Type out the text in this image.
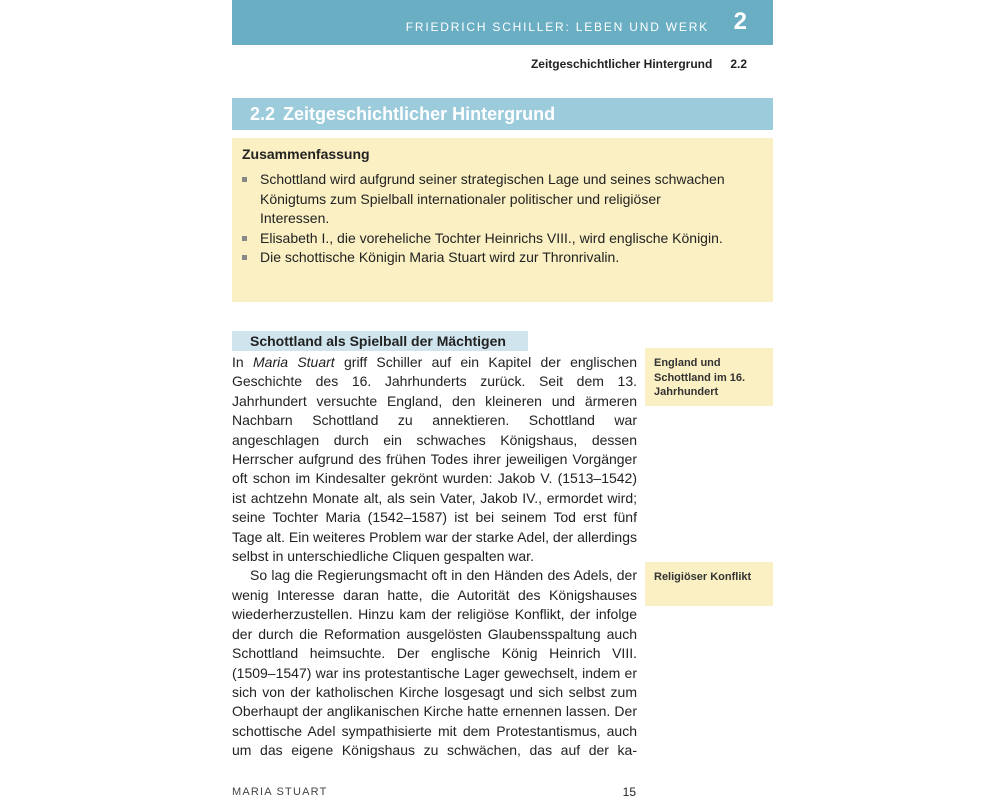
FRIEDRICH SCHILLER: LEBEN UND WERK 2
Zeitgeschichtlicher Hintergrund 2.2
2.2 Zeitgeschichtlicher Hintergrund
Zusammenfassung
Schottland wird aufgrund seiner strategischen Lage und seines schwachen Königtums zum Spielball internationaler politischer und religiöser Interessen.
Elisabeth I., die voreheliche Tochter Heinrichs VIII., wird englische Königin.
Die schottische Königin Maria Stuart wird zur Thronrivalin.
Schottland als Spielball der Mächtigen

In Maria Stuart griff Schiller auf ein Kapitel der englischen Geschichte des 16. Jahrhunderts zurück. Seit dem 13. Jahrhundert versuchte England, den kleineren und ärmeren Nachbarn Schottland zu annektieren. Schottland war angeschlagen durch ein schwaches Königshaus, dessen Herrscher aufgrund des frühen Todes ihrer jeweiligen Vorgänger oft schon im Kindesalter gekrönt wurden: Jakob V. (1513–1542) ist achtzehn Monate alt, als sein Vater, Jakob IV., ermordet wird; seine Tochter Maria (1542–1587) ist bei seinem Tod erst fünf Tage alt. Ein weiteres Problem war der starke Adel, der allerdings selbst in unterschiedliche Cliquen gespalten war.

So lag die Regierungsmacht oft in den Händen des Adels, der wenig Interesse daran hatte, die Autorität des Königshauses wiederherzustellen. Hinzu kam der religiöse Konflikt, der infolge der durch die Reformation ausgelösten Glaubensspaltung auch Schottland heimsuchte. Der englische König Heinrich VIII. (1509–1547) war ins protestantische Lager gewechselt, indem er sich von der katholischen Kirche losgesagt und sich selbst zum Oberhaupt der anglikanischen Kirche hatte ernennen lassen. Der schottische Adel sympathisierte mit dem Protestantismus, auch um das eigene Königshaus zu schwächen, das auf der ka-

England und Schottland im 16. Jahrhundert
Religiöser Konflikt
MARIA STUART	15
